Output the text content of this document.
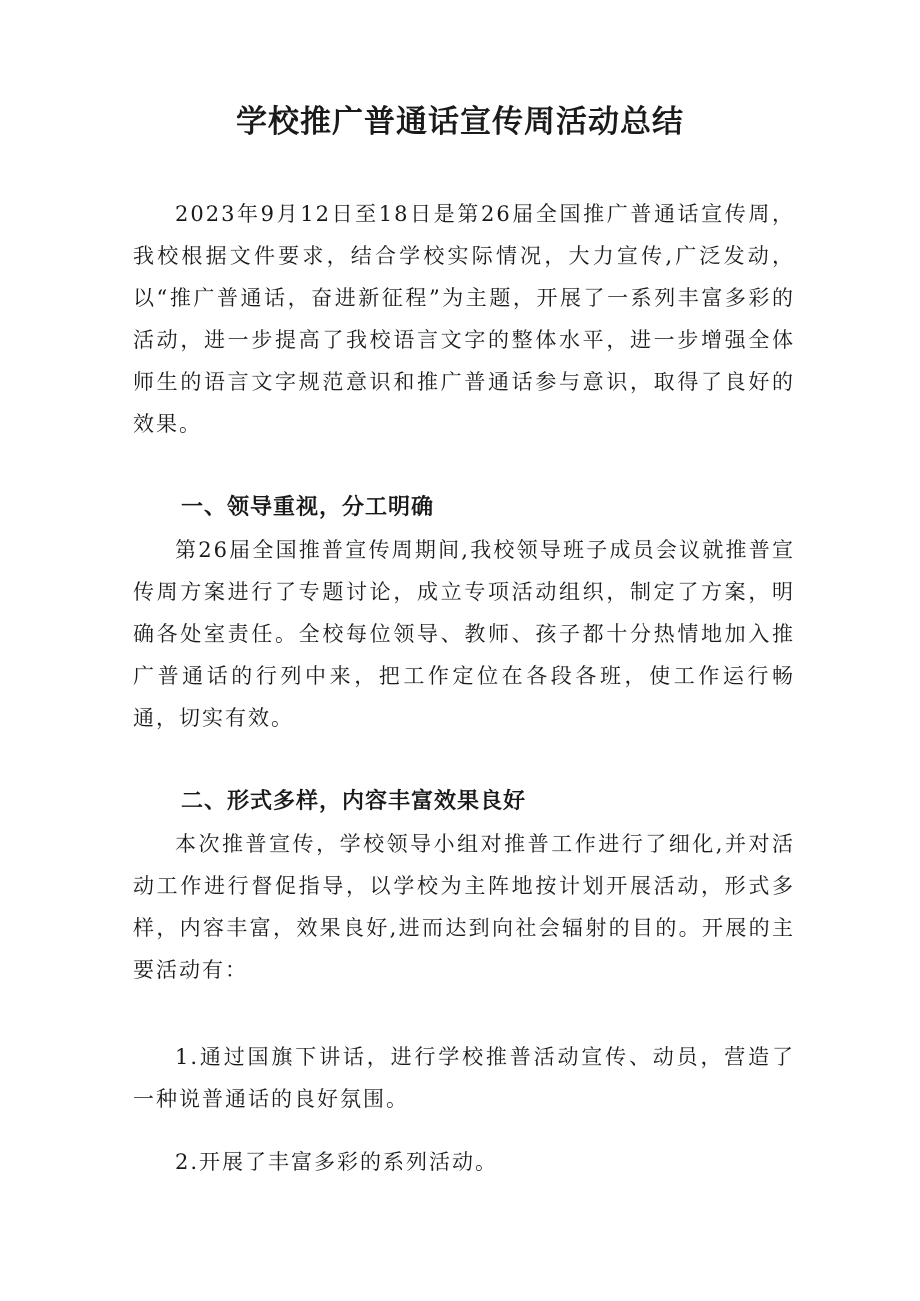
学校推广普通话宣传周活动总结

2023年9月12日至18日是第26届全国推广普通话宣传周，我校根据文件要求，结合学校实际情况，大力宣传,广泛发动，以“推广普通话，奋进新征程”为主题，开展了一系列丰富多彩的活动，进一步提高了我校语言文字的整体水平，进一步增强全体师生的语言文字规范意识和推广普通话参与意识，取得了良好的效果。

一、领导重视，分工明确

第26届全国推普宣传周期间,我校领导班子成员会议就推普宣传周方案进行了专题讨论，成立专项活动组织，制定了方案，明确各处室责任。全校每位领导、教师、孩子都十分热情地加入推广普通话的行列中来，把工作定位在各段各班，使工作运行畅通，切实有效。

二、形式多样，内容丰富效果良好

本次推普宣传，学校领导小组对推普工作进行了细化,并对活动工作进行督促指导，以学校为主阵地按计划开展活动，形式多样，内容丰富，效果良好,进而达到向社会辐射的目的。开展的主要活动有：

1.通过国旗下讲话，进行学校推普活动宣传、动员，营造了一种说普通话的良好氛围。

2.开展了丰富多彩的系列活动。
